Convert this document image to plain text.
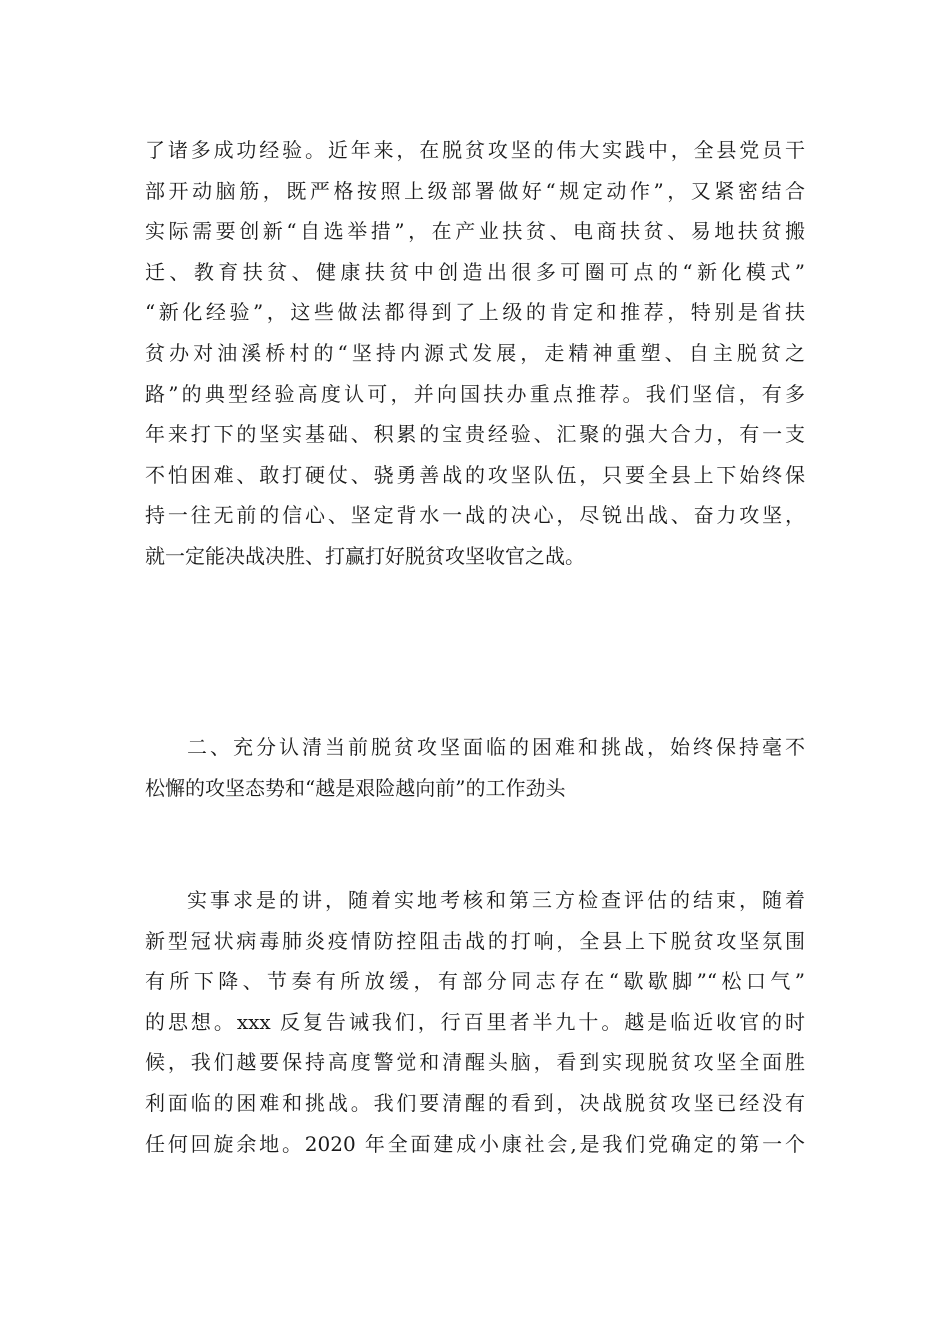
了诸多成功经验。近年来，在脱贫攻坚的伟大实践中，全县党员干
部开动脑筋，既严格按照上级部署做好“规定动作”，又紧密结合
实际需要创新“自选举措”，在产业扶贫、电商扶贫、易地扶贫搬
迁、教育扶贫、健康扶贫中创造出很多可圈可点的“新化模式”
“新化经验”，这些做法都得到了上级的肯定和推荐，特别是省扶
贫办对油溪桥村的“坚持内源式发展，走精神重塑、自主脱贫之
路”的典型经验高度认可，并向国扶办重点推荐。我们坚信，有多
年来打下的坚实基础、积累的宝贵经验、汇聚的强大合力，有一支
不怕困难、敢打硬仗、骁勇善战的攻坚队伍，只要全县上下始终保
持一往无前的信心、坚定背水一战的决心，尽锐出战、奋力攻坚，
就一定能决战决胜、打赢打好脱贫攻坚收官之战。
二、充分认清当前脱贫攻坚面临的困难和挑战，始终保持毫不
松懈的攻坚态势和“越是艰险越向前”的工作劲头
实事求是的讲，随着实地考核和第三方检查评估的结束，随着
新型冠状病毒肺炎疫情防控阻击战的打响，全县上下脱贫攻坚氛围
有所下降、节奏有所放缓，有部分同志存在“歇歇脚”“松口气”
的思想。xxx 反复告诫我们，行百里者半九十。越是临近收官的时
候，我们越要保持高度警觉和清醒头脑，看到实现脱贫攻坚全面胜
利面临的困难和挑战。我们要清醒的看到，决战脱贫攻坚已经没有
任何回旋余地。2020 年全面建成小康社会,是我们党确定的第一个
